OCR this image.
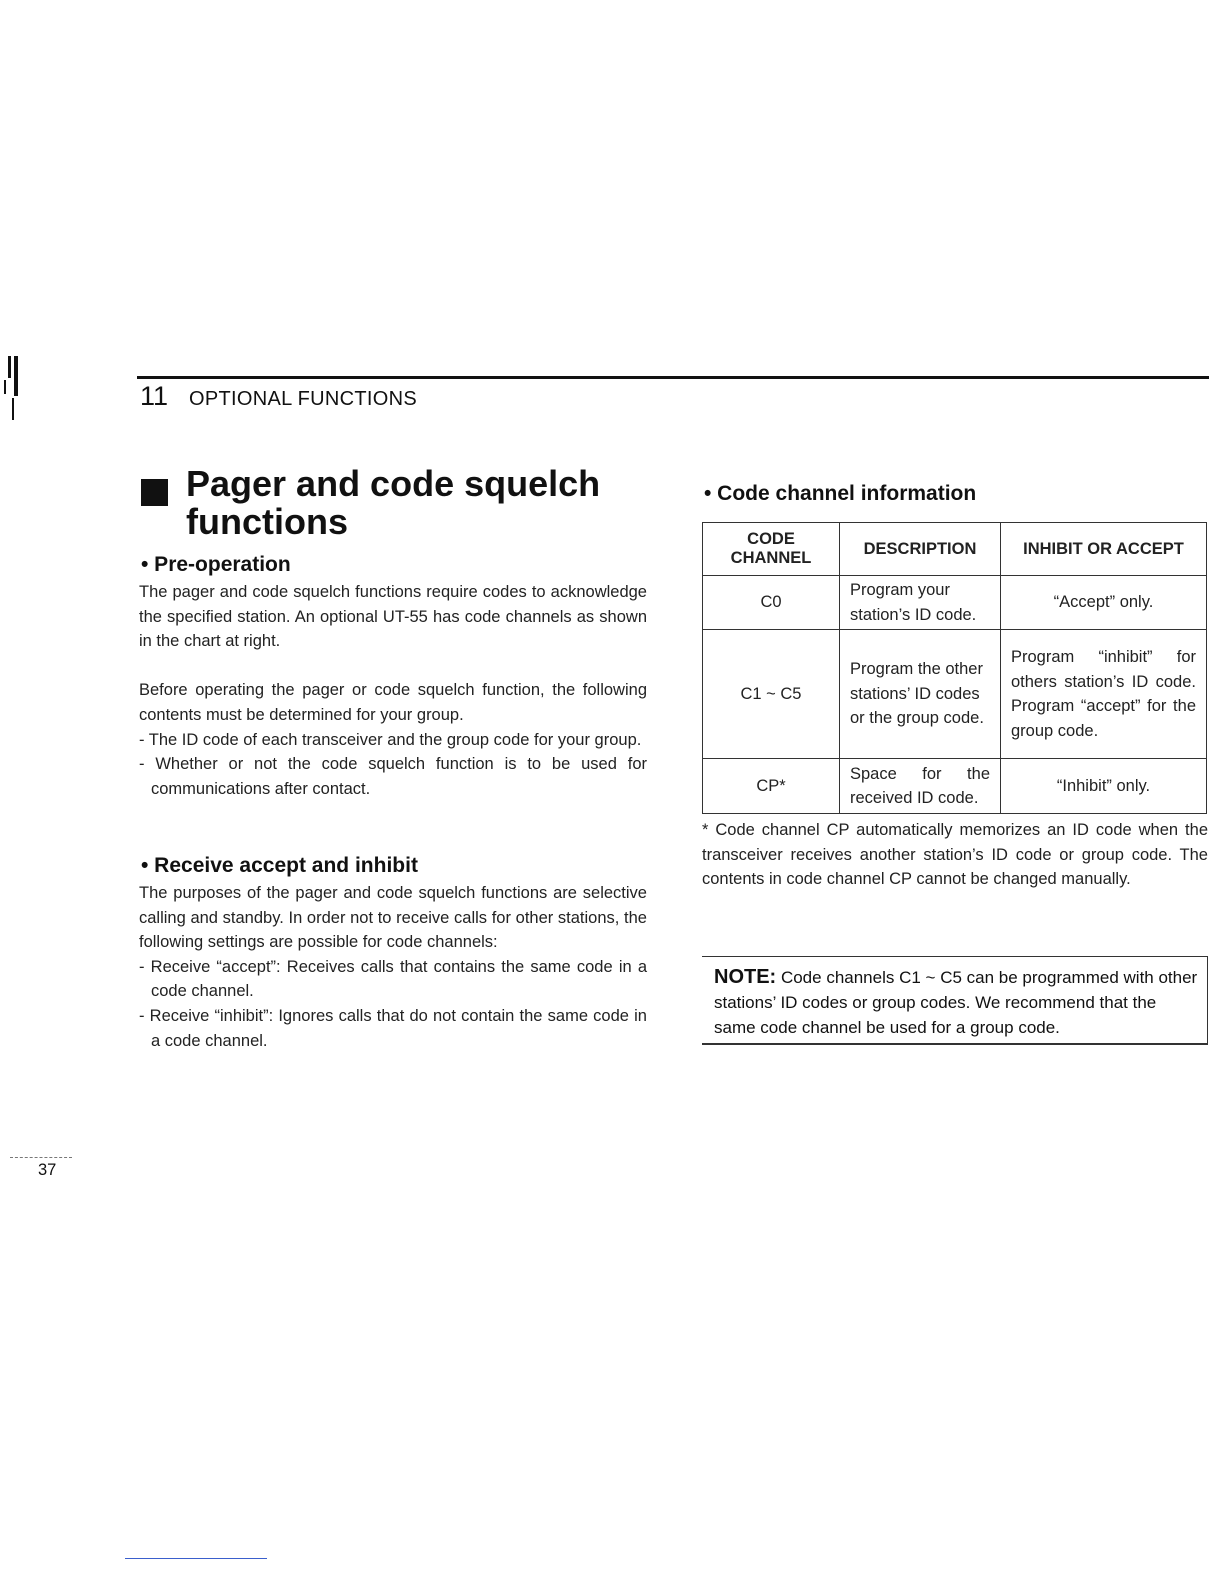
11 OPTIONAL FUNCTIONS
Pager and code squelch functions
• Pre-operation

The pager and code squelch functions require codes to acknowledge the specified station. An optional UT-55 has code channels as shown in the chart at right.

Before operating the pager or code squelch function, the following contents must be determined for your group.

- The ID code of each transceiver and the group code for your group.
- Whether or not the code squelch function is to be used for communications after contact.
• Receive accept and inhibit

The purposes of the pager and code squelch functions are selective calling and standby. In order not to receive calls for other stations, the following settings are possible for code channels:

- Receive “accept”: Receives calls that contains the same code in a code channel.
- Receive “inhibit”: Ignores calls that do not contain the same code in a code channel.
• Code channel information
CODE CHANNEL	DESCRIPTION	INHIBIT OR ACCEPT
C0	Program your station’s ID code.	“Accept” only.
C1 ~ C5	Program the other stations’ ID codes or the group code.	Program “inhibit” for others station’s ID code. Program “accept” for the group code.
CP*	Space for the received ID code.	“Inhibit” only.
* Code channel CP automatically memorizes an ID code when the transceiver receives another station’s ID code or group code. The contents in code channel CP cannot be changed manually.
NOTE: Code channels C1 ~ C5 can be programmed with other stations’ ID codes or group codes. We recommend that the same code channel be used for a group code.
37
